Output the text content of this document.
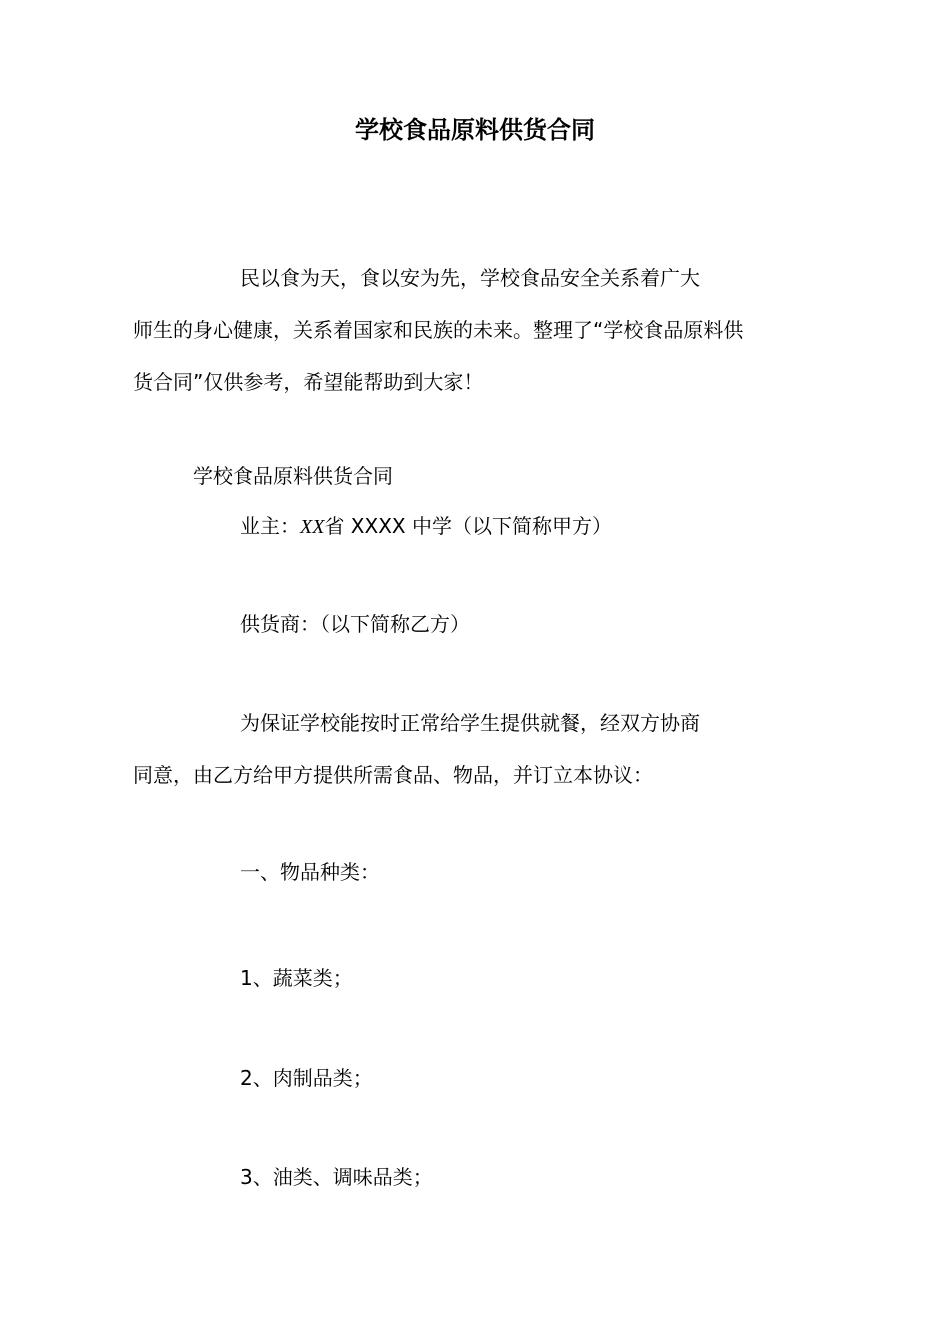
学校食品原料供货合同
民以食为天，食以安为先，学校食品安全关系着广大
师生的身心健康，关系着国家和民族的未来。整理了“学校食品原料供
货合同”仅供参考，希望能帮助到大家！
学校食品原料供货合同
业主：XX省 XXXX 中学（以下简称甲方）
供货商：（以下简称乙方）
为保证学校能按时正常给学生提供就餐，经双方协商
同意，由乙方给甲方提供所需食品、物品，并订立本协议：
一、物品种类：
1、蔬菜类；
2、肉制品类；
3、油类、调味品类；
